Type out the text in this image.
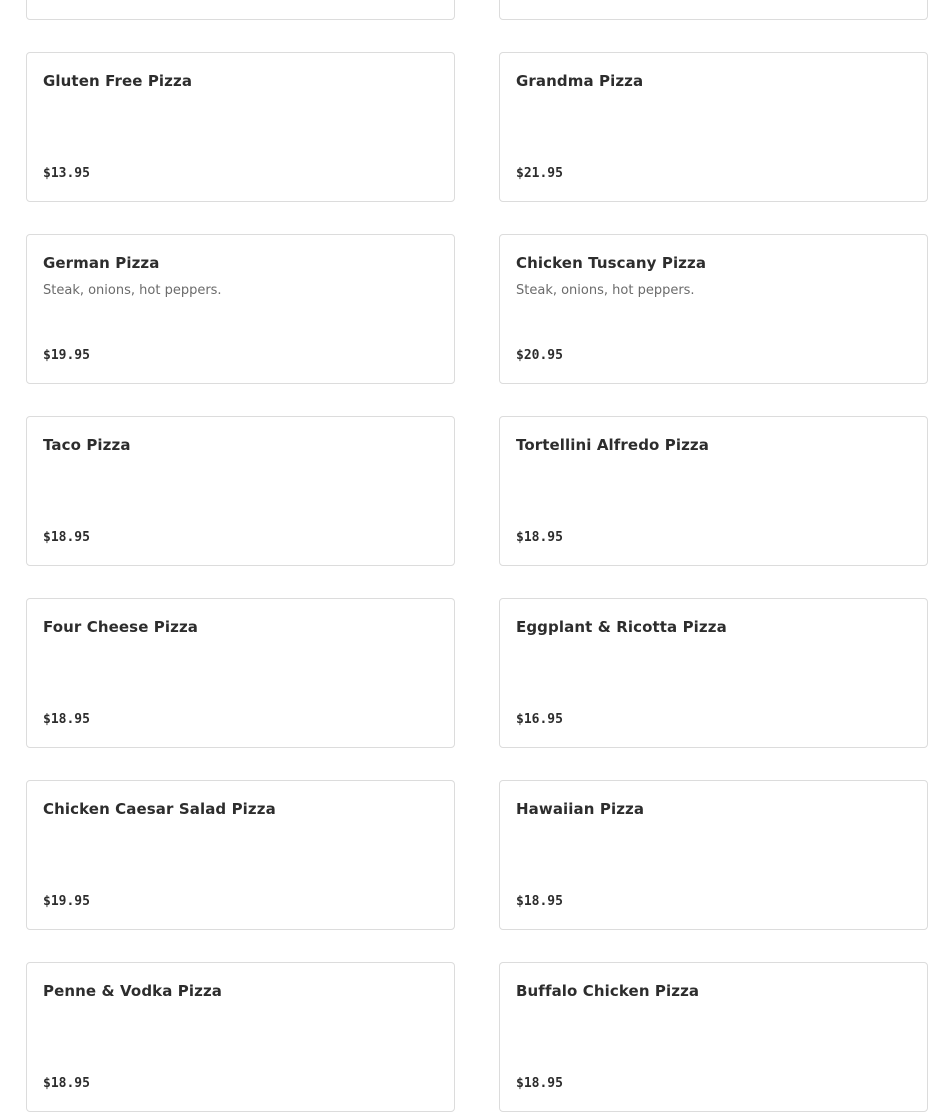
Gluten Free Pizza
$13.95
Grandma Pizza
$21.95
German Pizza
Steak, onions, hot peppers.
$19.95
Chicken Tuscany Pizza
Steak, onions, hot peppers.
$20.95
Taco Pizza
$18.95
Tortellini Alfredo Pizza
$18.95
Four Cheese Pizza
$18.95
Eggplant & Ricotta Pizza
$16.95
Chicken Caesar Salad Pizza
$19.95
Hawaiian Pizza
$18.95
Penne & Vodka Pizza
$18.95
Buffalo Chicken Pizza
$18.95
